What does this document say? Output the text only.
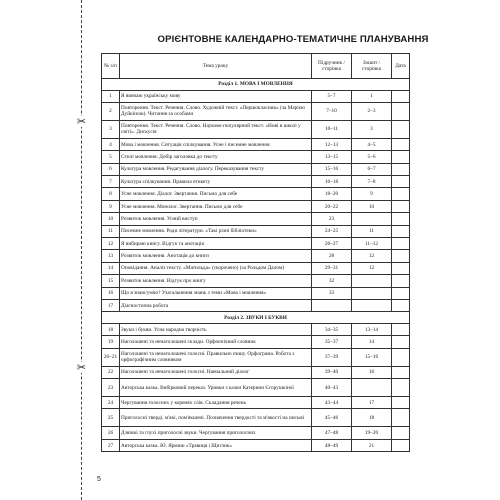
✂
✂
ОРІЄНТОВНЕ КАЛЕНДАРНО-ТЕМАТИЧНЕ ПЛАНУВАННЯ
№ з/п	Тема уроку	Підручник / сторінка	Зошит / сторінка	Дата
Розділ 1. МОВА І МОВЛЕННЯ				
1	Я вивчаю українську мову	5–7	1	
2	Повторення. Текст. Речення. Слово. Художній текст. «Першокласник» (за Марією Дуйкіною). Читання за особами	7–10	2–3	
3	Повторення. Текст. Речення. Слово. Науково-популярний текст. «Нові в школі у світі». Дискусія	10–11	3	
4	Мова і мовлення. Ситуація спілкування. Усне і писемне мовлення	12–13	4–5	
5	Стилі мовлення. Добір заголовка до тексту	13–15	5–6	
6	Культура мовлення. Редагування діалогу. Переказування тексту	15–16	6–7	
7	Культура спілкування. Правила етикету	16–18	7–8	
8	Усне мовлення. Діалог. Звертання. Письмо для себе	18–20	9	
9	Усне мовлення. Монолог. Звертання. Письмо для себе	20–22	10	
10	Розвиток мовлення. Усний виступ	23		
11	Писемне мовлення. Роди літератури. «Такі різні бібліотеки»	24–25	11	
12	Я вибираю книгу. Відгук та анотація	26–27	11–12	
13	Розвиток мовлення. Анотація до книги	28	12	
14	Оповідання. Аналіз тексту. «Матильда» (скорочено) (за Рольдом Далом)	29–31	12	
15	Розвиток мовлення. Відгук про книгу	32		
16	Що я знаю/умію? Узагальнення знань з теми «Мова і мовлення»	33		
17	Діагностична робота			
Розділ 2. ЗВУКИ І БУКВИ				
18	Звуки і букви. Усна народна творчість	34–35	13–14	
19	Наголошені та ненаголошені склади. Орфоепічний словник	35–37	14	
20–21	Наголошені та ненаголошені голосні. Правильно пишу. Орфограма. Робота з орфографічним словником	37–39	15–16	
22	Наголошені та ненаголошені голосні. Навчальний діалог	39–40	16	
23	Авторська казка. Вибірковий переказ. Уривки з казки Катерини Єгорушкіної	40–43		
24	Чергування голосних у коренях слів. Складання речень	43–44	17	
25	Приголосні тверді, м'які, пом'якшені. Позначення твердості та м'якості на письмі	45–46	18	
26	Дзвінкі та глухі приголосні звуки. Чергування приголосних	47–48	19–20	
27	Авторська казка. Ю. Ярмиш «Травиця і Щиглик»	48–49	21	
5
